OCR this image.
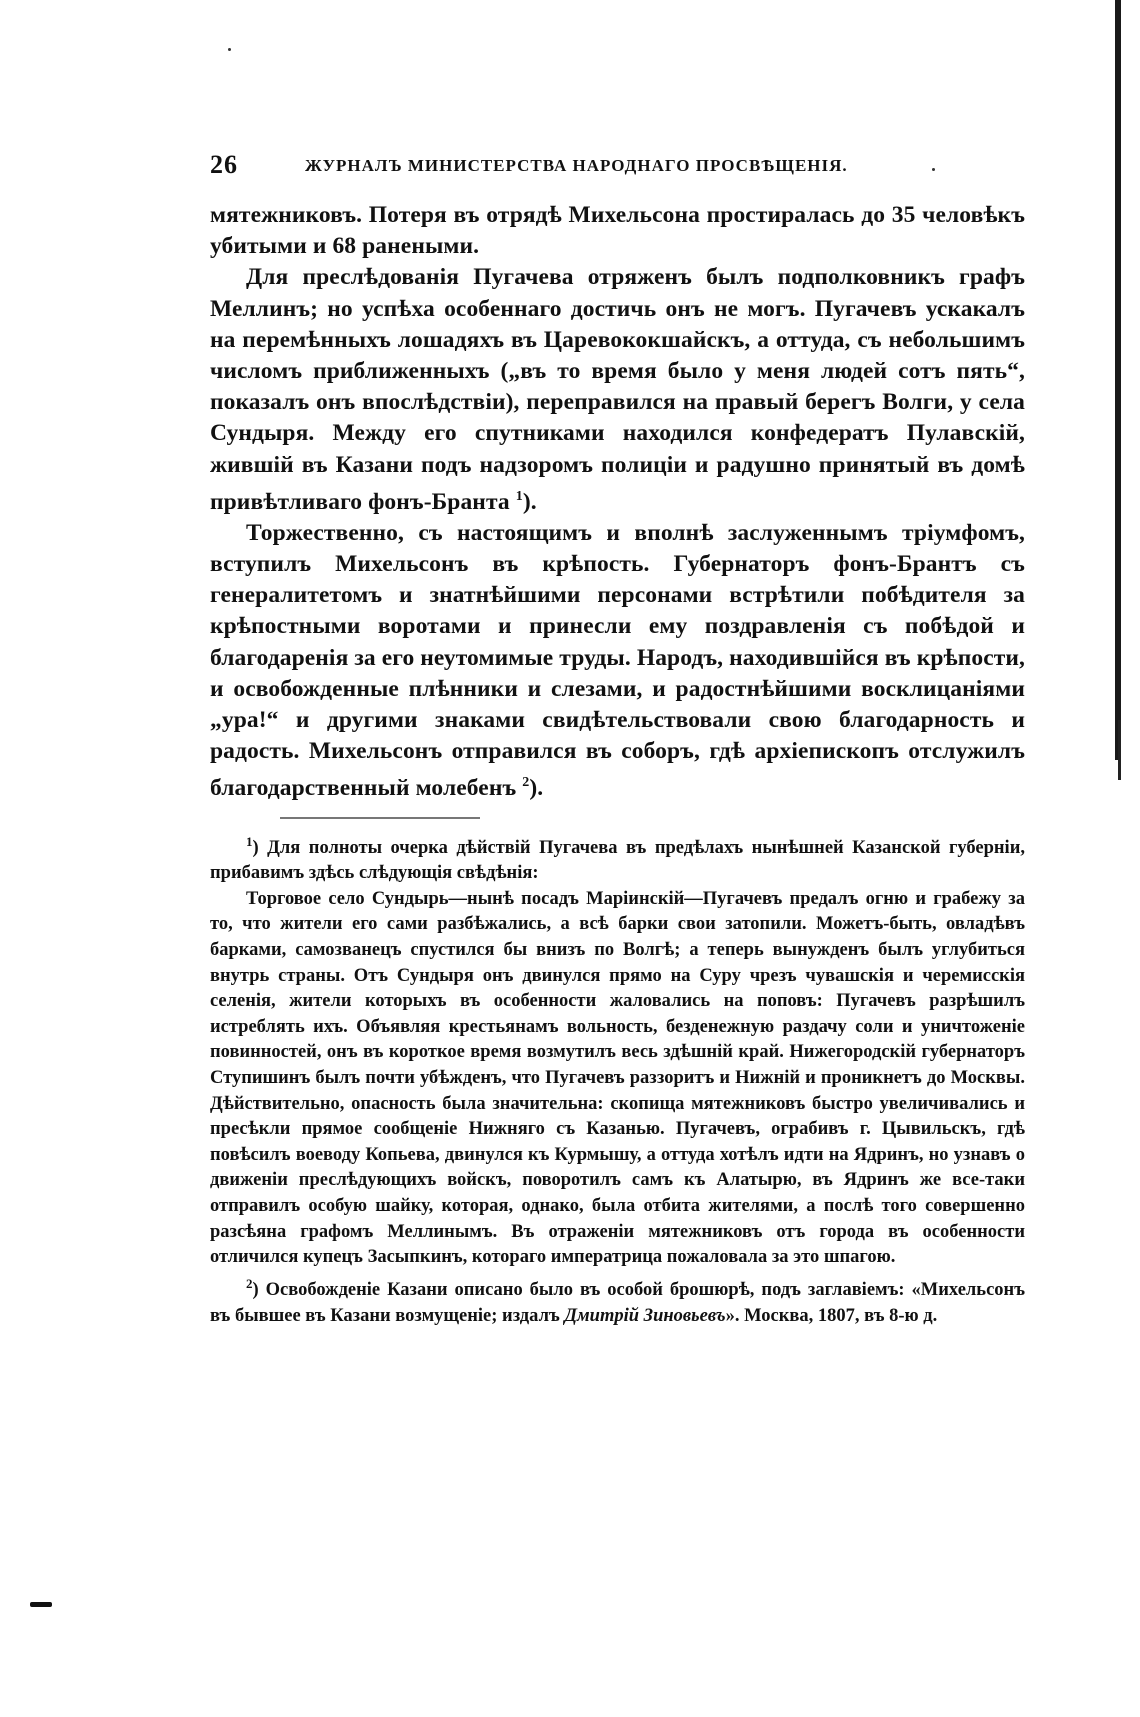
26	ЖУРНАЛЪ МИНИСТЕРСТВА НАРОДНАГО ПРОСВѢЩЕНІЯ.

мятежниковъ. Потеря въ отрядѣ Михельсона простиралась до 35 человѣкъ убитыми и 68 ранеными.

Для преслѣдованія Пугачева отряженъ былъ подполковникъ графъ Меллинъ; но успѣха особеннаго достичь онъ не могъ. Пугачевъ ускакалъ на перемѣнныхъ лошадяхъ въ Царевококшайскъ, а оттуда, съ небольшимъ числомъ приближенныхъ („въ то время было у меня людей сотъ пять“, показалъ онъ впослѣдствіи), переправился на правый берегъ Волги, у села Сундыря. Между его спутниками находился конфедератъ Пулавскій, жившій въ Казани подъ надзоромъ полиціи и радушно принятый въ домѣ привѣтливаго фонъ-Бранта $^1$).

Торжественно, съ настоящимъ и вполнѣ заслуженнымъ тріумфомъ, вступилъ Михельсонъ въ крѣпость. Губернаторъ фонъ-Брантъ съ генералитетомъ и знатнѣйшими персонами встрѣтили побѣдителя за крѣпостными воротами и принесли ему поздравленія съ побѣдой и благодаренія за его неутомимые труды. Народъ, находившійся въ крѣпости, и освобожденные плѣнники и слезами, и радостнѣйшими восклицаніями „ура!“ и другими знаками свидѣтельствовали свою благодарность и радость. Михельсонъ отправился въ соборъ, гдѣ архіепископъ отслужилъ благодарственный молебенъ $^2$).

$^1$) Для полноты очерка дѣйствій Пугачева въ предѣлахъ нынѣшней Казанской губерніи, прибавимъ здѣсь слѣдующія свѣдѣнія:

Торговое село Сундырь—нынѣ посадъ Маріинскій—Пугачевъ предалъ огню и грабежу за то, что жители его сами разбѣжались, а всѣ барки свои затопили. Можетъ-быть, овладѣвъ барками, самозванецъ спустился бы внизъ по Волгѣ; а теперь вынужденъ былъ углубиться внутрь страны. Отъ Сундыря онъ двинулся прямо на Суру чрезъ чувашскія и черемисскія селенія, жители которыхъ въ особенности жаловались на поповъ: Пугачевъ разрѣшилъ истреблять ихъ. Объявляя крестьянамъ вольность, безденежную раздачу соли и уничтоженіе повинностей, онъ въ короткое время возмутилъ весь здѣшній край. Нижегородскій губернаторъ Ступишинъ былъ почти убѣжденъ, что Пугачевъ раззоритъ и Нижній и проникнетъ до Москвы. Дѣйствительно, опасность была значительна: скопища мятежниковъ быстро увеличивались и пресѣкли прямое сообщеніе Нижняго съ Казанью. Пугачевъ, ограбивъ г. Цывильскъ, гдѣ повѣсилъ воеводу Копьева, двинулся къ Курмышу, а оттуда хотѣлъ идти на Ядринъ, но узнавъ о движеніи преслѣдующихъ войскъ, поворотилъ самъ къ Алатырю, въ Ядринъ же все-таки отправилъ особую шайку, которая, однако, была отбита жителями, а послѣ того совершенно разсѣяна графомъ Меллинымъ. Въ отраженіи мятежниковъ отъ города въ особенности отличился купецъ Засыпкинъ, котораго императрица пожаловала за это шпагою.

$^2$) Освобожденіе Казани описано было въ особой брошюрѣ, подъ заглавіемъ: «Михельсонъ въ бывшее въ Казани возмущеніе; издалъ Дмитрій Зиновьевъ». Москва, 1807, въ 8-ю д.
